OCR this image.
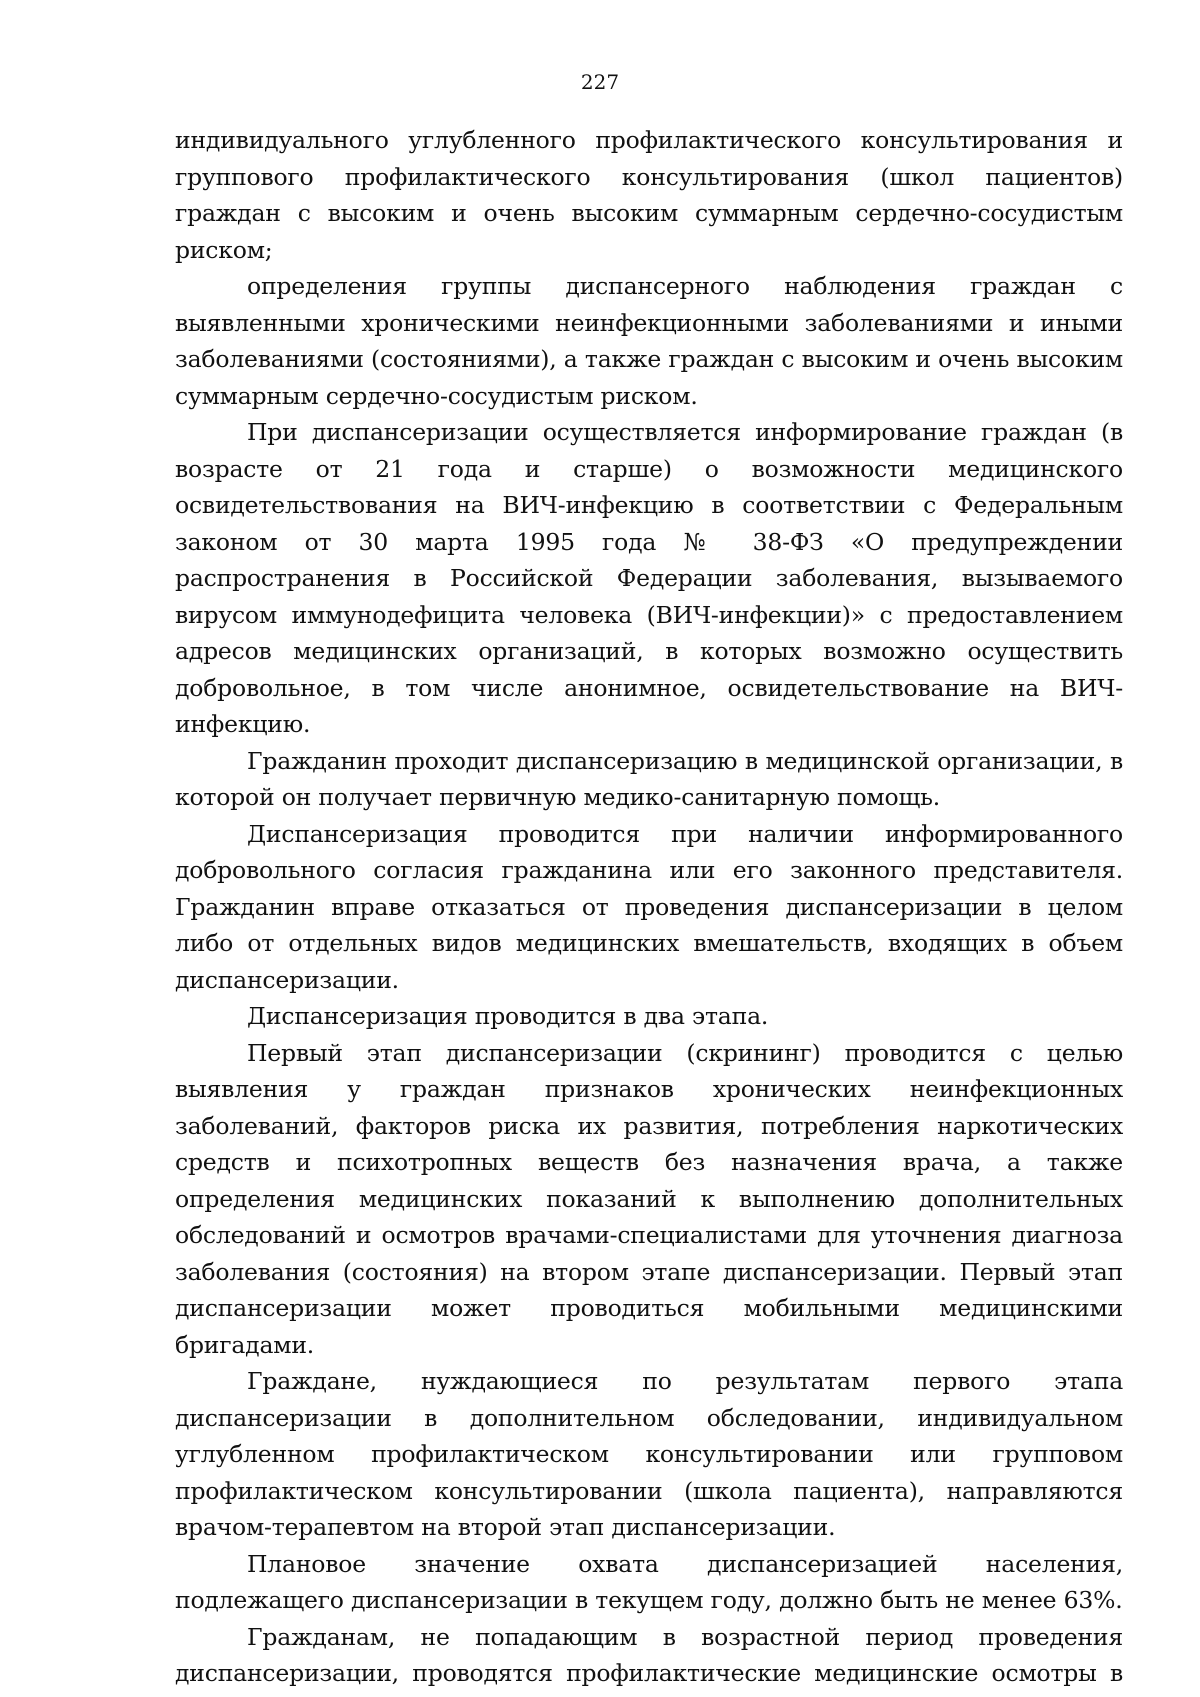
227

индивидуального углубленного профилактического консультирования и группового профилактического консультирования (школ пациентов) граждан с высоким и очень высоким суммарным сердечно-сосудистым риском;

определения группы диспансерного наблюдения граждан с выявленными хроническими неинфекционными заболеваниями и иными заболеваниями (состояниями), а также граждан с высоким и очень высоким суммарным сердечно-сосудистым риском.

При диспансеризации осуществляется информирование граждан (в возрасте от 21 года и старше) о возможности медицинского освидетельствования на ВИЧ-инфекцию в соответствии с Федеральным законом от 30 марта 1995 года № 38-ФЗ «О предупреждении распространения в Российской Федерации заболевания, вызываемого вирусом иммунодефицита человека (ВИЧ-инфекции)» с предоставлением адресов медицинских организаций, в которых возможно осуществить добровольное, в том числе анонимное, освидетельствование на ВИЧ-инфекцию.

Гражданин проходит диспансеризацию в медицинской организации, в которой он получает первичную медико-санитарную помощь.

Диспансеризация проводится при наличии информированного добровольного согласия гражданина или его законного представителя. Гражданин вправе отказаться от проведения диспансеризации в целом либо от отдельных видов медицинских вмешательств, входящих в объем диспансеризации.

Диспансеризация проводится в два этапа.

Первый этап диспансеризации (скрининг) проводится с целью выявления у граждан признаков хронических неинфекционных заболеваний, факторов риска их развития, потребления наркотических средств и психотропных веществ без назначения врача, а также определения медицинских показаний к выполнению дополнительных обследований и осмотров врачами-специалистами для уточнения диагноза заболевания (состояния) на втором этапе диспансеризации. Первый этап диспансеризации может проводиться мобильными медицинскими бригадами.

Граждане, нуждающиеся по результатам первого этапа диспансеризации в дополнительном обследовании, индивидуальном углубленном профилактическом консультировании или групповом профилактическом консультировании (школа пациента), направляются врачом-терапевтом на второй этап диспансеризации.

Плановое значение охвата диспансеризацией населения, подлежащего диспансеризации в текущем году, должно быть не менее 63%.

Гражданам, не попадающим в возрастной период проведения диспансеризации, проводятся профилактические медицинские осмотры в
